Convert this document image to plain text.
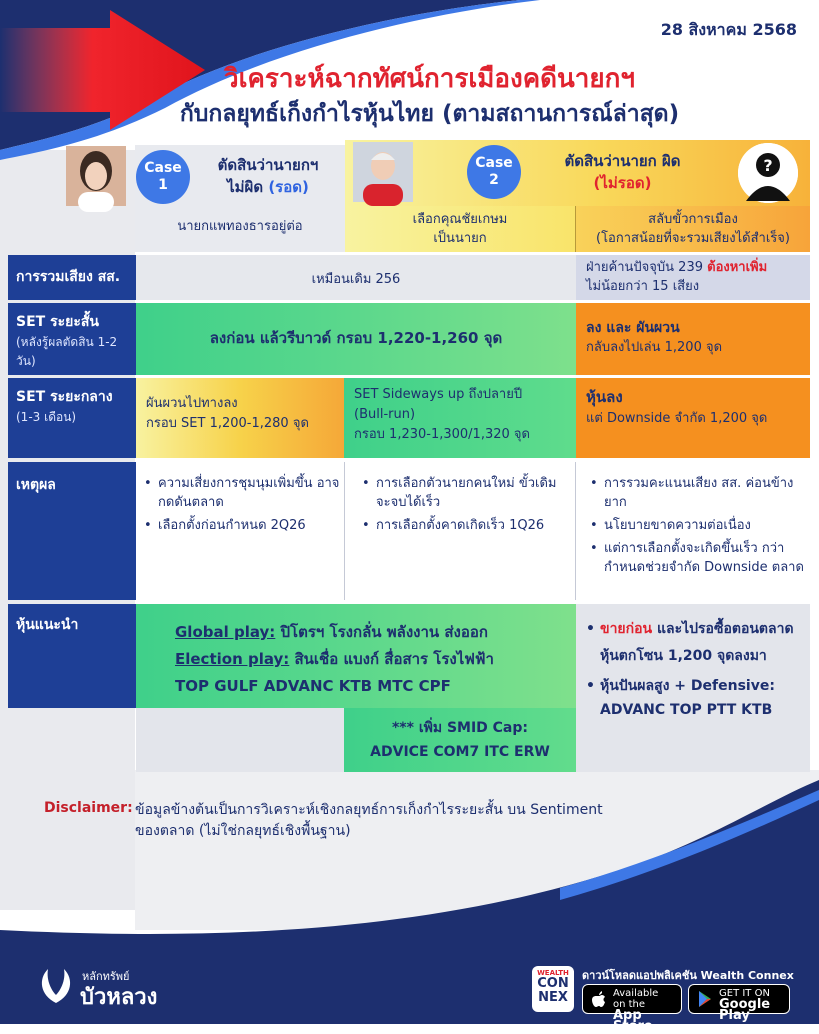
28 สิงหาคม 2568
วิเคราะห์ฉากทัศน์การเมืองคดีนายกฯ
กับกลยุทธ์เก็งกำไรหุ้นไทย (ตามสถานการณ์ล่าสุด)
Case
1
ตัดสินว่านายกฯ
ไม่ผิด (รอด)
นายกแพทองธารอยู่ต่อ
Case
2
ตัดสินว่านายก ผิด
(ไม่รอด)
?
เลือกคุณชัยเกษม
เป็นนายก
สลับขั้วการเมือง
(โอกาสน้อยที่จะรวมเสียงได้สำเร็จ)
การรวมเสียง สส.	เหมือนเดิม 256
ฝ่ายค้านปัจจุบัน 239 ต้องหาเพิ่ม
ไม่น้อยกว่า 15 เสียง
SET ระยะสั้น
(หลังรู้ผลตัดสิน 1-2 วัน)
ลงก่อน แล้วรีบาวด์ กรอบ 1,220-1,260 จุด
ลง และ ผันผวน
กลับลงไปเล่น 1,200 จุด
SET ระยะกลาง
(1-3 เดือน)
ผันผวนไปทางลง
กรอบ SET 1,200-1,280 จุด
SET Sideways up ถึงปลายปี
(Bull-run)
กรอบ 1,230-1,300/1,320 จุด
หุ้นลง
แต่ Downside จำกัด 1,200 จุด
เหตุผล
•	ความเสี่ยงการชุมนุมเพิ่มขึ้น อาจกดดันตลาด
• เลือกตั้งก่อนกำหนด 2Q26
• การเลือกตัวนายกคนใหม่ ขั้วเดิม จะจบได้เร็ว
• การเลือกตั้งคาดเกิดเร็ว 1Q26
• การรวมคะแนนเสียง สส. ค่อนข้างยาก
• นโยบายขาดความต่อเนื่อง
• แต่การเลือกตั้งจะเกิดขึ้นเร็ว กว่ากำหนดช่วยจำกัด Downside ตลาด
หุ้นแนะนำ	Global play: ปิโตรฯ โรงกลั่น พลังงาน ส่งออก
Election play: สินเชื่อ แบงก์ สื่อสาร โรงไฟฟ้า
TOP GULF ADVANC KTB MTC CPF
*** เพิ่ม SMID Cap:
ADVICE COM7 ITC ERW
• ขายก่อน และไปรอซื้อตอนตลาดหุ้นตกโซน 1,200 จุดลงมา
• หุ้นปันผลสูง + Defensive:
ADVANC TOP PTT KTB
Disclaimer: ข้อมูลข้างต้นเป็นการวิเคราะห์เชิงกลยุทธ์การเก็งกำไรระยะสั้น บน Sentiment
ของตลาด (ไม่ใช่กลยุทธ์เชิงพื้นฐาน)
หลักทรัพย์
บัวหลวง
WEALTH
CON
NEX
ดาวน์โหลดแอปพลิเคชัน Wealth Connex
Available on the
App Store
GET IT ON
Google Play
